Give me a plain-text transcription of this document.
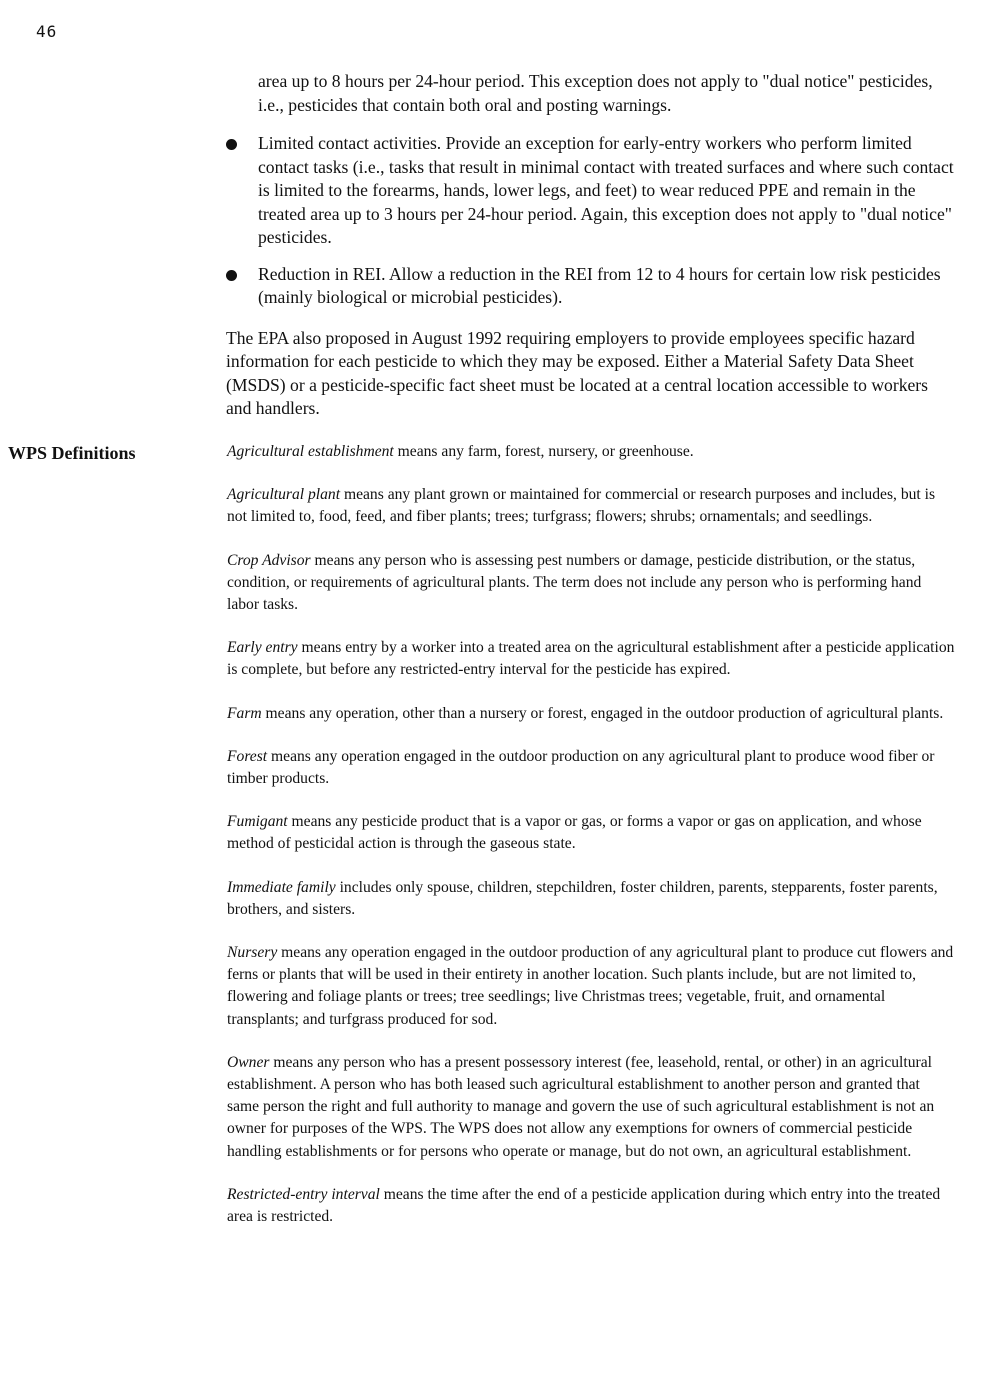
46

area up to 8 hours per 24-hour period. This exception does not apply to "dual notice" pesticides, i.e., pesticides that contain both oral and posting warnings.

Limited contact activities. Provide an exception for early-entry workers who perform limited contact tasks (i.e., tasks that result in minimal contact with treated surfaces and where such contact is limited to the forearms, hands, lower legs, and feet) to wear reduced PPE and remain in the treated area up to 3 hours per 24-hour period. Again, this exception does not apply to "dual notice" pesticides.
Reduction in REI. Allow a reduction in the REI from 12 to 4 hours for certain low risk pesticides (mainly biological or microbial pesticides).

The EPA also proposed in August 1992 requiring employers to provide employees specific hazard information for each pesticide to which they may be exposed. Either a Material Safety Data Sheet (MSDS) or a pesticide-specific fact sheet must be located at a central location accessible to workers and handlers.

WPS Definitions	Agricultural establishment means any farm, forest, nursery, or greenhouse.

Agricultural plant means any plant grown or maintained for commercial or research purposes and includes, but is not limited to, food, feed, and fiber plants; trees; turfgrass; flowers; shrubs; ornamentals; and seedlings.

Crop Advisor means any person who is assessing pest numbers or damage, pesticide distribution, or the status, condition, or requirements of agricultural plants. The term does not include any person who is performing hand labor tasks.

Early entry means entry by a worker into a treated area on the agricultural establishment after a pesticide application is complete, but before any restricted-entry interval for the pesticide has expired.

Farm means any operation, other than a nursery or forest, engaged in the outdoor production of agricultural plants.

Forest means any operation engaged in the outdoor production on any agricultural plant to produce wood fiber or timber products.

Fumigant means any pesticide product that is a vapor or gas, or forms a vapor or gas on application, and whose method of pesticidal action is through the gaseous state.

Immediate family includes only spouse, children, stepchildren, foster children, parents, stepparents, foster parents, brothers, and sisters.

Nursery means any operation engaged in the outdoor production of any agricultural plant to produce cut flowers and ferns or plants that will be used in their entirety in another location. Such plants include, but are not limited to, flowering and foliage plants or trees; tree seedlings; live Christmas trees; vegetable, fruit, and ornamental transplants; and turfgrass produced for sod.

Owner means any person who has a present possessory interest (fee, leasehold, rental, or other) in an agricultural establishment. A person who has both leased such agricultural establishment to another person and granted that same person the right and full authority to manage and govern the use of such agricultural establishment is not an owner for purposes of the WPS. The WPS does not allow any exemptions for owners of commercial pesticide handling establishments or for persons who operate or manage, but do not own, an agricultural establishment.

Restricted-entry interval means the time after the end of a pesticide application during which entry into the treated area is restricted.
